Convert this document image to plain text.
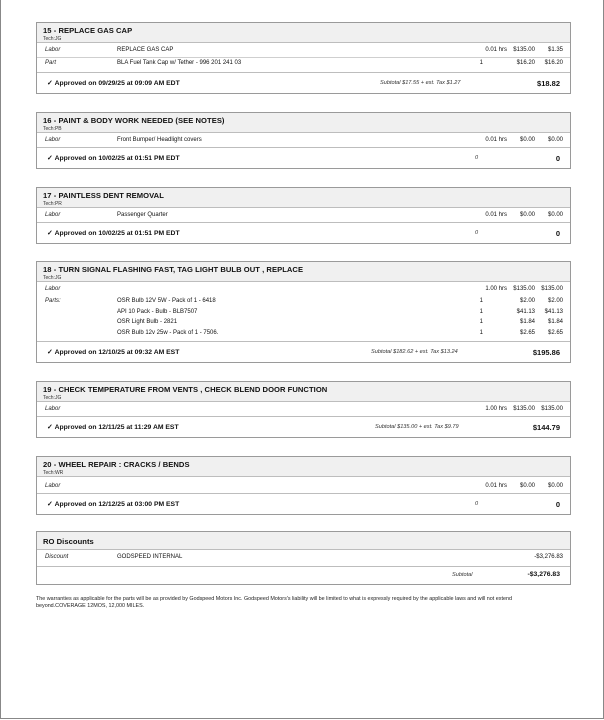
15 - REPLACE GAS CAP
Tech:JG
Labor	REPLACE GAS CAP	0.01 hrs $135.00 $1.35
Part	BLA Fuel Tank Cap w/ Tether - 996 201 241 03	1	$16.20 $16.20
✓ Approved on 09/29/25 at 09:09 AM EDT	Subtotal $17.55 + est. Tax $1.27	$18.82
16 - PAINT & BODY WORK NEEDED (SEE NOTES)
Tech:PB
Labor	Front Bumper/ Headlight covers	0.01 hrs $0.00 $0.00
✓ Approved on 10/02/25 at 01:51 PM EDT	0	0
17 - PAINTLESS DENT REMOVAL
Tech:PR
Labor	Passenger Quarter	0.01 hrs $0.00 $0.00
✓ Approved on 10/02/25 at 01:51 PM EDT	0	0
18 - TURN SIGNAL FLASHING FAST, TAG LIGHT BULB OUT , REPLACE
Tech:JG
Labor	1.00 hrs $135.00 $135.00
Parts:	OSR Bulb 12V 5W - Pack of 1 - 6418	1	$2.00 $2.00
API 10 Pack - Bulb - BLB7507	1	$41.13 $41.13
OSR Light Bulb - 2821	1	$1.84 $1.84
OSR Bulb 12v 25w - Pack of 1 - 7506.	1	$2.65 $2.65
✓ Approved on 12/10/25 at 09:32 AM EST	Subtotal $182.62 + est. Tax $13.24	$195.86
19 - CHECK TEMPERATURE FROM VENTS , CHECK BLEND DOOR FUNCTION
Tech:JG
Labor	1.00 hrs $135.00 $135.00
✓ Approved on 12/11/25 at 11:29 AM EST	Subtotal $135.00 + est. Tax $9.79	$144.79
20 - WHEEL REPAIR : CRACKS / BENDS
Tech:WR
Labor	0.01 hrs $0.00 $0.00
✓ Approved on 12/12/25 at 03:00 PM EST	0	0
RO Discounts
Discount	GODSPEED INTERNAL	-$3,276.83
Subtotal	-$3,276.83
The warranties as applicable for the parts will be as provided by Godspeed Motors Inc. Godspeed Motors's liability will be limited to what is expressly required by the applicable laws and will not extend beyond.COVERAGE 12MOS, 12,000 MILES.
